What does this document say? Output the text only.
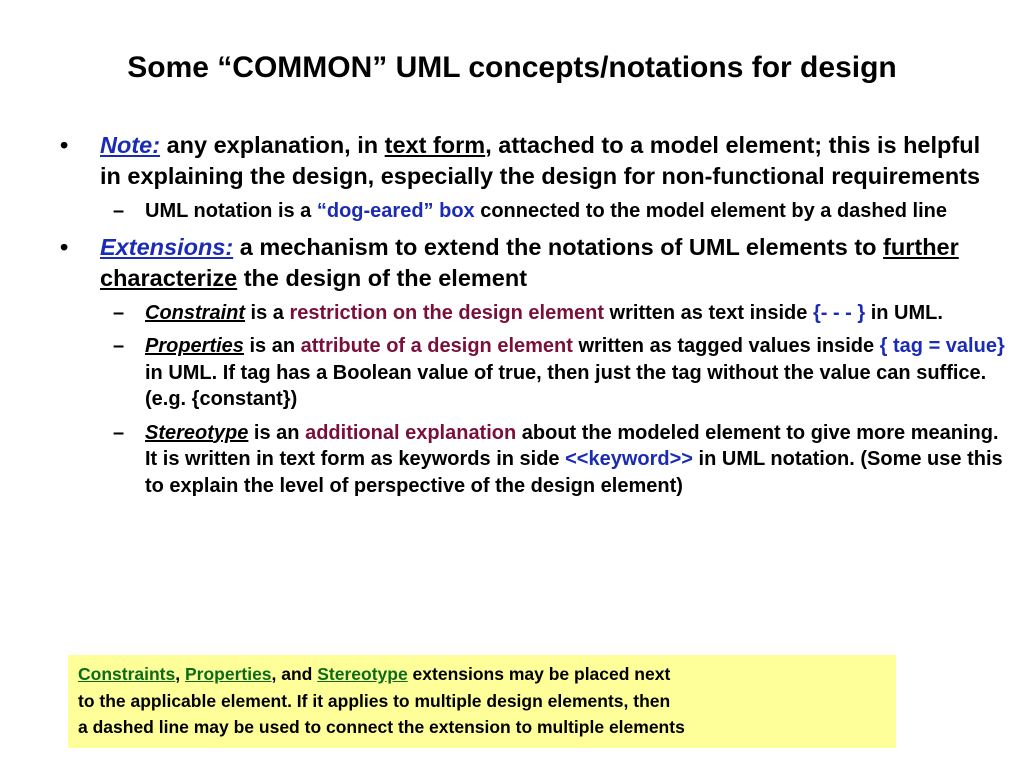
Some “COMMON” UML concepts/notations for design
• Note: any explanation, in text form, attached to a model element; this is helpful in explaining the design, especially the design for non-functional requirements
– UML notation is a “dog-eared” box connected to the model element by a dashed line
• Extensions: a mechanism to extend the notations of UML elements to further characterize the design of the element
– Constraint is a restriction on the design element written as text inside {- - - } in UML.
– Properties is an attribute of a design element written as tagged values inside { tag = value} in UML. If tag has a Boolean value of true, then just the tag without the value can suffice. (e.g. {constant})
– Stereotype is an additional explanation about the modeled element to give more meaning. It is written in text form as keywords in side <<keyword>> in UML notation. (Some use this to explain the level of perspective of the design element)
Constraints, Properties, and Stereotype extensions may be placed next
to the applicable element. If it applies to multiple design elements, then
a dashed line may be used to connect the extension to multiple elements
